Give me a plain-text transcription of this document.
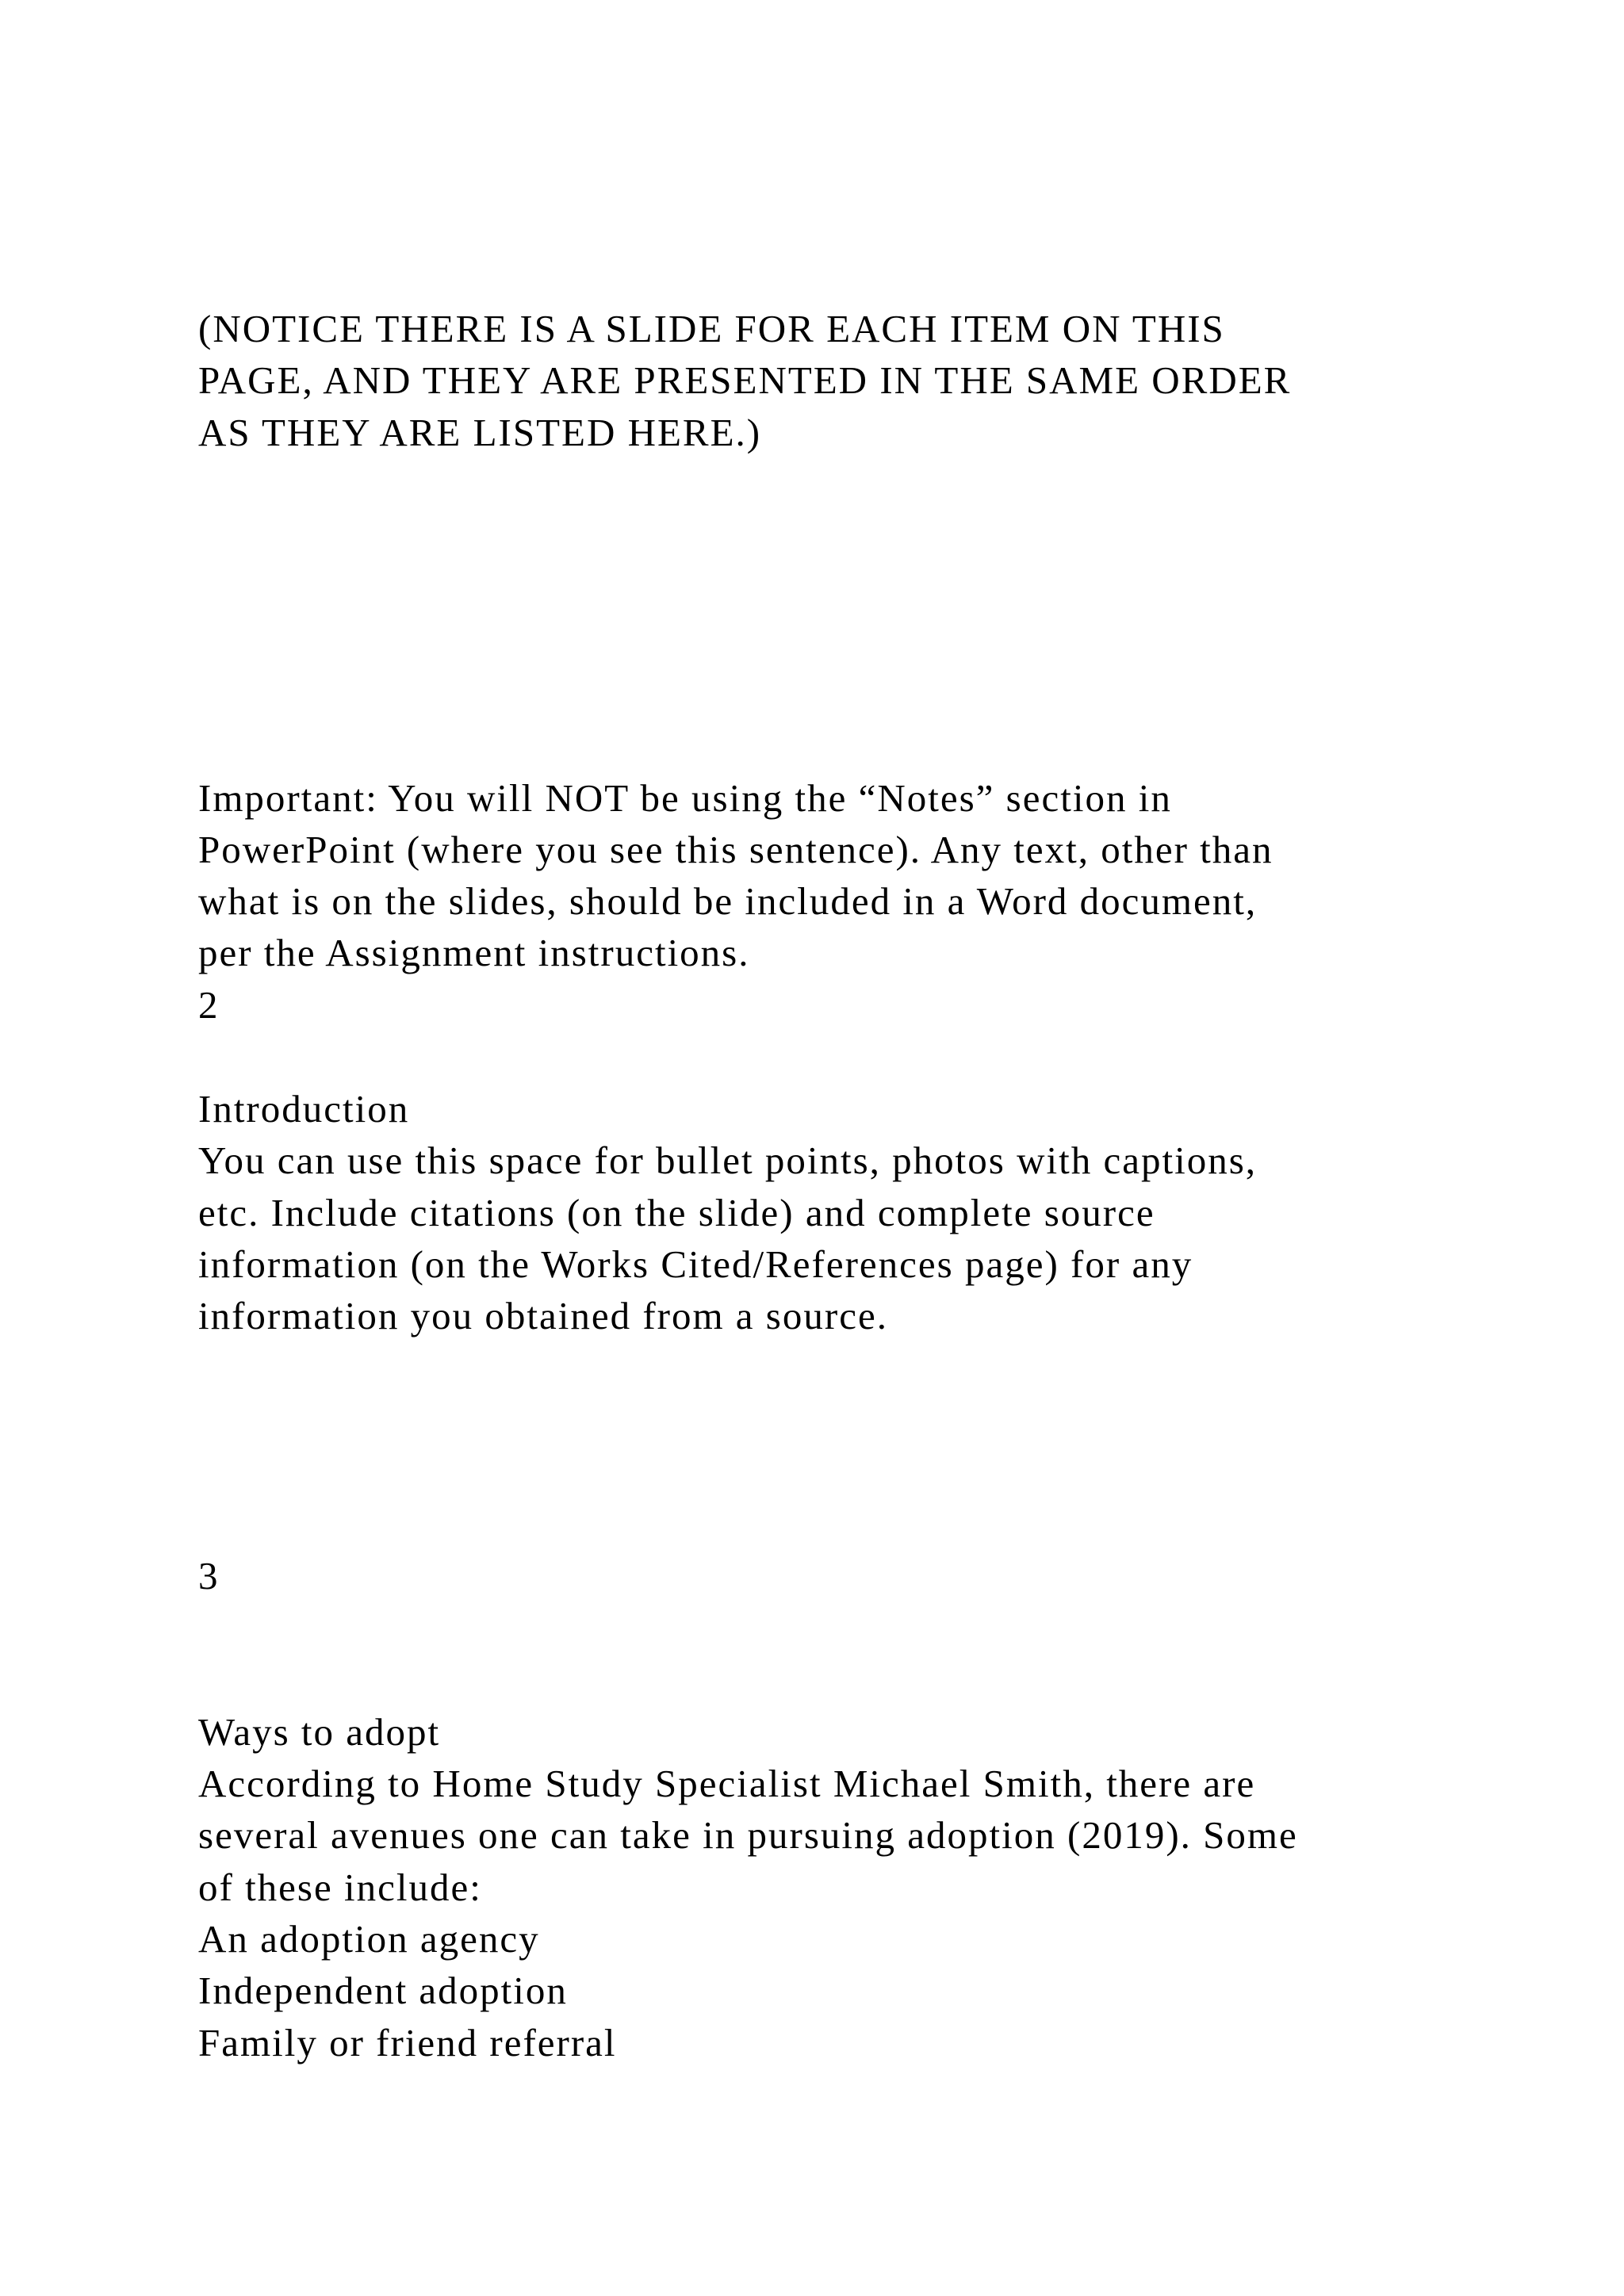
(NOTICE THERE IS A SLIDE FOR EACH ITEM ON THIS
PAGE, AND THEY ARE PRESENTED IN THE SAME ORDER
AS THEY ARE LISTED HERE.)
Important: You will NOT be using the “Notes” section in
PowerPoint (where you see this sentence). Any text, other than
what is on the slides, should be included in a Word document,
per the Assignment instructions.
2
Introduction
You can use this space for bullet points, photos with captions,
etc. Include citations (on the slide) and complete source
information (on the Works Cited/References page) for any
information you obtained from a source.
3
Ways to adopt
According to Home Study Specialist Michael Smith, there are
several avenues one can take in pursuing adoption (2019). Some
of these include:
An adoption agency
Independent adoption
Family or friend referral
